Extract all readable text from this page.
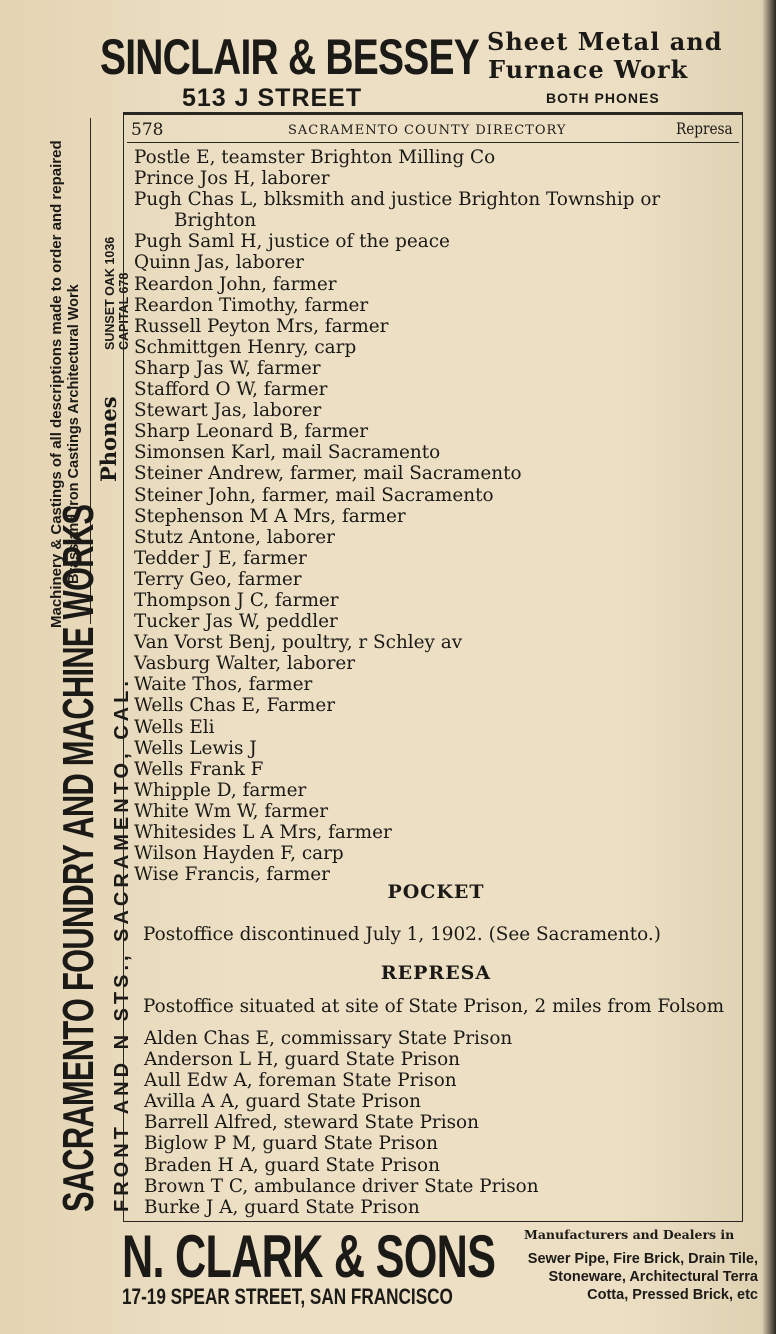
SINCLAIR & BESSEY
513 J STREET
Sheet Metal and
Furnace Work
BOTH PHONES
Machinery & Castings of all descriptions made to order and repaired Brass and Iron Castings Architectural Work Phones
SUNSET OAK 1036 CAPITAL 678
SACRAMENTO FOUNDRY AND MACHINE WORKS FRONT AND N STS., SACRAMENTO, CAL.
578	SACRAMENTO COUNTY DIRECTORY	Represa
Postle E, teamster Brighton Milling Co
Prince Jos H, laborer
Pugh Chas L, blksmith and justice Brighton Township or
Brighton
Pugh Saml H, justice of the peace
Quinn Jas, laborer
Reardon John, farmer
Reardon Timothy, farmer
Russell Peyton Mrs, farmer
Schmittgen Henry, carp
Sharp Jas W, farmer
Stafford O W, farmer
Stewart Jas, laborer
Sharp Leonard B, farmer
Simonsen Karl, mail Sacramento
Steiner Andrew, farmer, mail Sacramento
Steiner John, farmer, mail Sacramento
Stephenson M A Mrs, farmer
Stutz Antone, laborer
Tedder J E, farmer
Terry Geo, farmer
Thompson J C, farmer
Tucker Jas W, peddler
Van Vorst Benj, poultry, r Schley av
Vasburg Walter, laborer
Waite Thos, farmer
Wells Chas E, Farmer
Wells Eli
Wells Lewis J
Wells Frank F
Whipple D, farmer
White Wm W, farmer
Whitesides L A Mrs, farmer
Wilson Hayden F, carp
Wise Francis, farmer
POCKET
Postoffice discontinued July 1, 1902. (See Sacramento.)
REPRESA
Postoffice situated at site of State Prison, 2 miles from Folsom
Alden Chas E, commissary State Prison
Anderson L H, guard State Prison
Aull Edw A, foreman State Prison
Avilla A A, guard State Prison
Barrell Alfred, steward State Prison
Biglow P M, guard State Prison
Braden H A, guard State Prison
Brown T C, ambulance driver State Prison
Burke J A, guard State Prison
N. CLARK & SONS
17-19 SPEAR STREET, SAN FRANCISCO
Manufacturers and Dealers in
Sewer Pipe, Fire Brick, Drain Tile,
Stoneware, Architectural Terra
Cotta, Pressed Brick, etc
